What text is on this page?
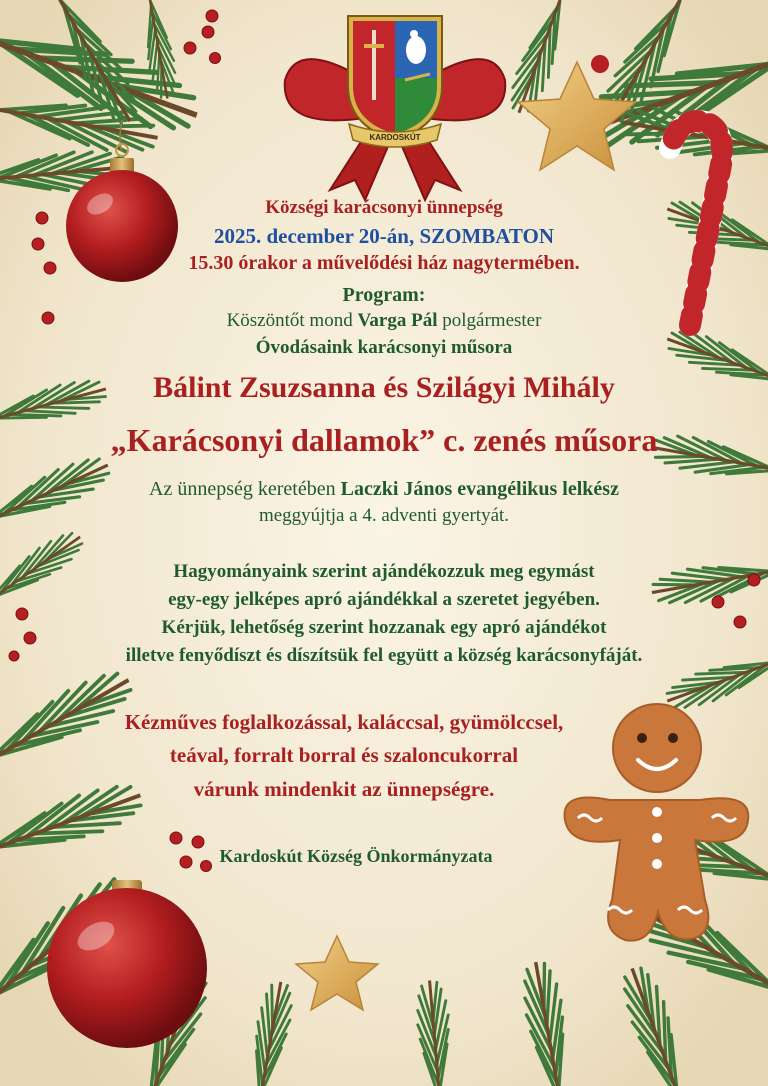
KARDOSKÚT
Községi karácsonyi ünnepség
2025. december 20-án, SZOMBATON
15.30 órakor a művelődési ház nagytermében.
Program:
Köszöntőt mond Varga Pál polgármester
Óvodásaink karácsonyi műsora
Bálint Zsuzsanna és Szilágyi Mihály
„Karácsonyi dallamok” c. zenés műsora
Az ünnepség keretében Laczki János evangélikus lelkész
meggyújtja a 4. adventi gyertyát.
Hagyományaink szerint ajándékozzuk meg egymást
egy-egy jelképes apró ajándékkal a szeretet jegyében.
Kérjük, lehetőség szerint hozzanak egy apró ajándékot
illetve fenyődíszt és díszítsük fel együtt a község karácsonyfáját.
Kézműves foglalkozással, kaláccsal, gyümölccsel,
teával, forralt borral és szaloncukorral
várunk mindenkit az ünnepségre.
Kardoskút Község Önkormányzata
